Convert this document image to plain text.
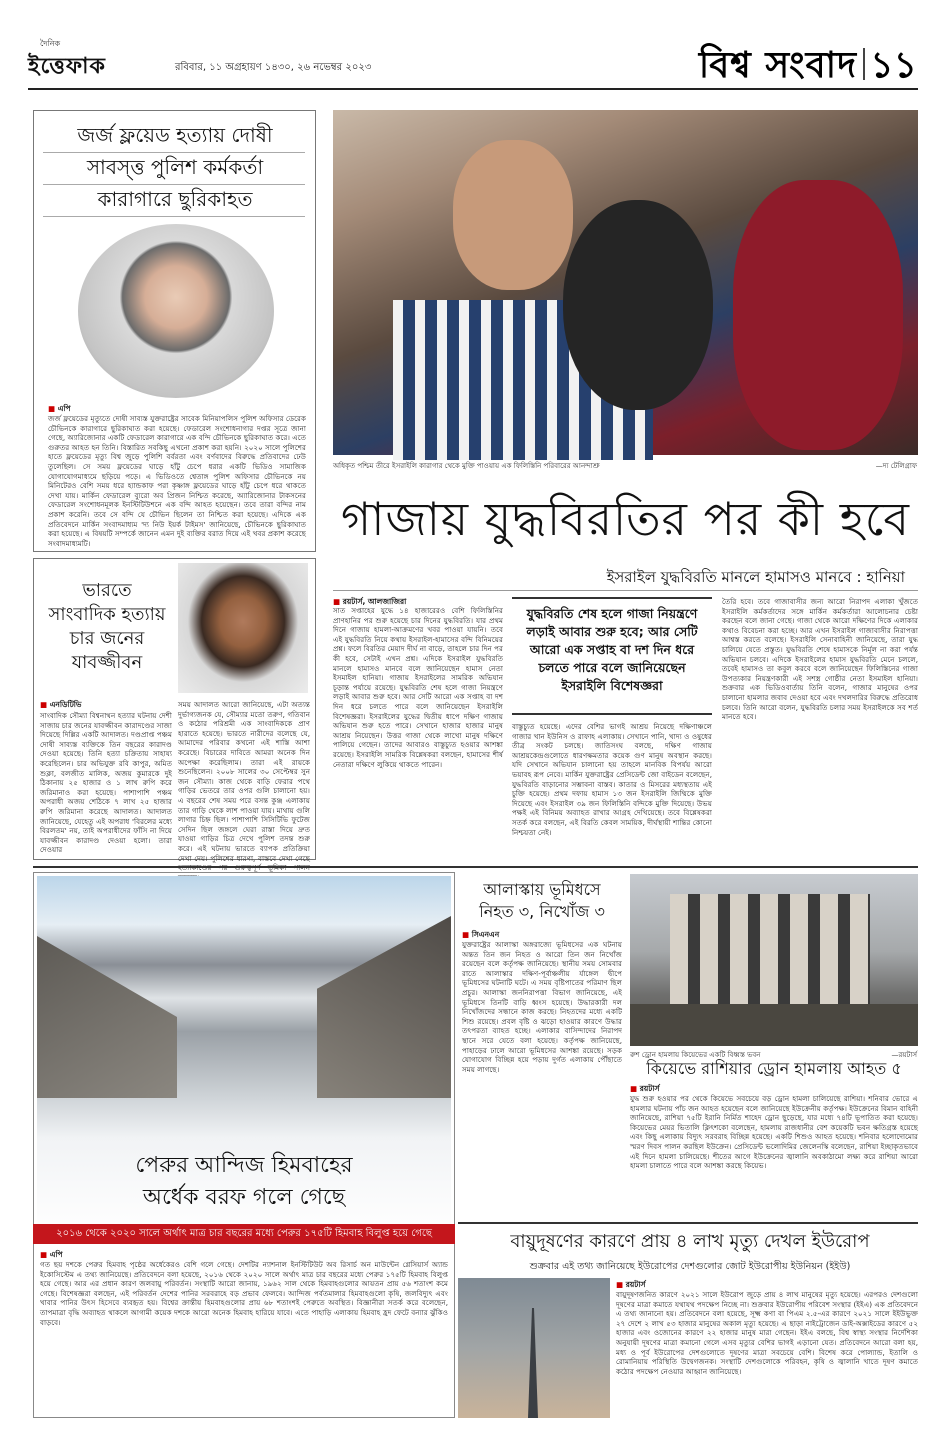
দৈনিক
ইত্তেফাক	রবিবার, ১১ অগ্রহায়ণ ১৪৩০, ২৬ নভেম্বর ২০২৩	বিশ্ব সংবাদ ১১
জর্জ ফ্লয়েড হত্যায় দোষী
সাবস্ত্ত পুলিশ কর্মকর্তা
কারাগারে ছুরিকাহত
■ এপি
জর্জ ফ্লয়েডের মৃত্যুতে দোষী সাব্যস্ত যুক্তরাষ্ট্রের সাবেক মিনিয়াপলিস পুলিশ অফিসার ডেরেক চৌভিনকে কারাগারে ছুরিকাঘাত করা হয়েছে। ফেডারেল সংশোধনাগার দপ্তর সূত্রে জানা গেছে, অ্যারিজোনার একটি ফেডারেল কারাগারে এক বন্দি চৌভিনকে ছুরিকাঘাত করে। এতে গুরুতর আহত হন তিনি। বিস্তারিত সবকিছু এখনো প্রকাশ করা হয়নি। ২০২০ সালে পুলিশের হাতে ফ্লয়েডের মৃত্যু বিশ্ব জুড়ে পুলিশি বর্বরতা এবং বর্ণবাদের বিরুদ্ধে প্রতিবাদের ঢেউ তুলেছিল। সে সময় ফ্লয়েডের ঘাড়ে হাঁটু চেপে ধরার একটি ভিডিও সামাজিক যোগাযোগমাধ্যমে ছড়িয়ে পড়ে। এ ভিডিওতে শ্বেতাঙ্গ পুলিশ অফিসার চৌভিনকে নয় মিনিটেরও বেশি সময় ধরে হ্যান্ডকাফ পরা কৃষ্ণাঙ্গ ফ্লয়েডের ঘাড়ে হাঁটু চেপে ধরে থাকতে দেখা যায়। মার্কিন ফেডারেল ব্যুরো অব প্রিজন নিশ্চিত করেছে, অ্যারিজোনার টাকসনের ফেডারেল সংশোধনমূলক ইনস্টিটিউশনে এক বন্দি আহত হয়েছেন। তবে তারা বন্দির নাম প্রকাশ করেনি। তবে সে বন্দি যে চৌভিন ছিলেন তা নিশ্চিত করা হয়েছে। এদিকে এক প্রতিবেদনে মার্কিন সংবাদমাধ্যম 'দ্য নিউ ইয়র্ক টাইমস' জানিয়েছে, চৌভিনকে ছুরিকাঘাত করা হয়েছে। এ বিষয়টি সম্পর্কে জানেন এমন দুই ব্যক্তির বরাত দিয়ে এই খবর প্রকাশ করেছে সংবাদমাধ্যমটি।
ভারতে
সাংবাদিক হত্যায়
চার জনের
যাবজ্জীবন
■ এনডিটিভি
সাংবাদিক সৌম্যা বিশ্বনাথন হত্যার ঘটনায় দেশী সাজায় চার জনের যাবজ্জীবন কারাদণ্ডের সাজা দিয়েছে দিল্লির একটি আদালত। দণ্ডপ্রাপ্ত পঞ্চম দোষী সাব্যস্ত ব্যক্তিকে তিন বছরের কারাদণ্ড দেওয়া হয়েছে। তিনি হত্যা চক্রিতায় সাহায্য করেছিলেন। চার অভিযুক্ত রবি কাপুর, অমিত শুক্লা, বলজীত মালিক, অজয় কুমারকে দুই ঠিকানায় ২৫ হাজার ও ১ লাখ রুপি করে জরিমানাও করা হয়েছে। পাশাপাশি পঞ্চম অপরাধী অজয় শেঠিকে ৭ লাখ ২৫ হাজার রুপি জরিমানা করেছে আদালত। আদালত জানিয়েছে, যেহেতু এই অপরাধ 'বিরলের মধ্যে বিরলতম' নয়, তাই অপরাধীদের ফাঁসি না দিয়ে যাবজ্জীবন কারাদণ্ড দেওয়া হলো। তারা দেওয়ার
সময় আদালত আরো জানিয়েছে, এটা অত্যন্ত দুর্ভাগ্যজনক যে, সৌম্যার মতো তরুণ, গতিবান ও কঠোর পরিশ্রমী এক সাংবাদিককে প্রাণ হারাতে হয়েছে। ভারতে নারীদের বলেছে যে, আমাদের পরিবার কখনো এই শাস্তি আশা করেছে। বিচারের দাবিতে আমরা অনেক দিন অপেক্ষা করেছিলাম। তারা এই রায়কে শুনেছিলেন। ২০০৮ সালের ৩০ সেপ্টেম্বর সুন জন সৌম্যা। কাজ থেকে বাড়ি ফেরার পথে গাড়ির ভেতরে তার ওপর গুলি চালানো হয়। এ বছরের শেষ সময় পরে বসন্ত কুঞ্জ এলাকায় তার গাড়ি থেকে লাশ পাওয়া যায়। মাথায় গুলি লাগার চিহ্ন ছিল। পাশাপাশি সিসিটিভি ফুটেজ সেদিন ছিল জঙ্গলে ঘেরা রাস্তা দিয়ে দ্রুত যাওয়া গাড়ির চিত্র দেখে পুলিশ তদন্ত শুরু করে। এই ঘটনায় ভারতে ব্যাপক প্রতিক্রিয়া দেখা দেয়। পুলিশের ধারণা, বাস্তবে দেখা গেছে
অধিকৃত পশ্চিম তীরে ইসরাইলি কারাগার থেকে মুক্তি পাওয়ায় এক ফিলিস্তিনি পরিবারের আনন্দাশ্রু	—দ্য টেলিগ্রাফ
গাজায় যুদ্ধবিরতির পর কী হবে
ইসরাইল যুদ্ধবিরতি মানলে হামাসও মানবে : হানিয়া
■ রয়টার্স, আলজাজিরা
সাত সপ্তাহের যুদ্ধে ১৪ হাজারেরও বেশি ফিলিস্তিনির প্রাণহানির পর শুরু হয়েছে চার দিনের যুদ্ধবিরতি। যার প্রথম দিনে গাজায় হামলা-আক্রমণের খবর পাওয়া যায়নি। তবে এই যুদ্ধবিরতি নিয়ে কথায় ইসরাইল-হামাসের বন্দি বিনিময়ের প্রশ্ন। ফলে বিরতির মেয়াদ দীর্ঘ না বাড়ে, তাহলে চার দিন পর কী হবে, সেটাই এখন প্রশ্ন। এদিকে ইসরাইল যুদ্ধবিরতি মানলে হামাসও মানবে বলে জানিয়েছেন হামাস নেতা ইসমাইল হানিয়া। গাজায় ইসরাইলের সামরিক অভিযান চূড়ান্ত পর্যায়ে রয়েছে। যুদ্ধবিরতি শেষ হলে গাজা নিয়ন্ত্রণে লড়াই আবার শুরু হবে। আর সেটি আরো এক সপ্তাহ বা দশ দিন ধরে চলতে পারে বলে জানিয়েছেন ইসরাইলি বিশেষজ্ঞরা। ইসরাইলের যুদ্ধের দ্বিতীয় ধাপে দক্ষিণ গাজায় অভিযান শুরু হতে পারে। সেখানে হাজার হাজার মানুষ আশ্রয় নিয়েছেন। উত্তর গাজা থেকে লাখো মানুষ দক্ষিণে পালিয়ে গেছেন। তাদের আবারও বাস্তুচ্যুত হওয়ার আশঙ্কা রয়েছে। ইসরাইলি সামরিক বিশ্লেষকরা বলছেন, হামাসের শীর্ষ নেতারা দক্ষিণে লুকিয়ে থাকতে পারেন।
যুদ্ধবিরতি শেষ হলে গাজা নিয়ন্ত্রণে লড়াই আবার শুরু হবে; আর সেটি আরো এক সপ্তাহ বা দশ দিন ধরে চলতে পারে বলে জানিয়েছেন ইসরাইলি বিশেষজ্ঞরা
বাস্তুচ্যুত হয়েছে। এদের বেশির ভাগই আশ্রয় নিয়েছে দক্ষিণাঞ্চলে গাজার খান ইউনিস ও রাফাহ এলাকায়। সেখানে পানি, খাদ্য ও ওষুধের তীব্র সংকট চলছে। জাতিসংঘ বলছে, দক্ষিণ গাজায় আশ্রয়কেন্দ্রগুলোতে ধারণক্ষমতার কয়েক গুণ মানুষ অবস্থান করছে। যদি সেখানে অভিযান চালানো হয় তাহলে মানবিক বিপর্যয় আরো ভয়াবহ রূপ নেবে। মার্কিন যুক্তরাষ্ট্রের প্রেসিডেন্ট জো বাইডেন বলেছেন, যুদ্ধবিরতি বাড়ানোর সম্ভাবনা বাস্তব। কাতার ও মিসরের মধ্যস্থতায় এই চুক্তি হয়েছে। প্রথম দফায় হামাস ১৩ জন ইসরাইলি জিম্মিকে মুক্তি দিয়েছে এবং ইসরাইল ৩৯ জন ফিলিস্তিনি বন্দিকে মুক্তি দিয়েছে। উভয় পক্ষই এই বিনিময় অব্যাহত রাখার আগ্রহ দেখিয়েছে। তবে বিশ্লেষকরা সতর্ক করে বলছেন, এই বিরতি কেবল সাময়িক, দীর্ঘস্থায়ী শান্তির কোনো নিশ্চয়তা নেই।
তৈরি হবে। তবে গাজাবাসীর জন্য আরো নিরাপদ এলাকা খুঁজতে ইসরাইলি কর্মকর্তাদের সঙ্গে মার্কিন কর্মকর্তারা আলোচনার চেষ্টা করছেন বলে জানা গেছে। গাজা থেকে আরো দক্ষিণের দিকে এলাকার কথাও বিবেচনা করা হচ্ছে। আর এখন ইসরাইল গাজাবাসীর নিরাপত্তা আশ্বস্ত করতে বলেছে। ইসরাইলি সেনাবাহিনী জানিয়েছে, তারা যুদ্ধ চালিয়ে যেতে প্রস্তুত। যুদ্ধবিরতি শেষে হামাসকে নির্মূল না করা পর্যন্ত অভিযান চলবে। এদিকে ইসরাইলের হামাস যুদ্ধবিরতি মেনে চললে, তবেই হামাসও তা কবুল করবে বলে জানিয়েছেন ফিলিস্তিনের গাজা উপত্যকার নিয়ন্ত্রণকারী এই সশস্ত্র গোষ্ঠীর নেতা ইসমাইল হানিয়া। শুক্রবার এক ভিডিওবার্তায় তিনি বলেন, গাজার মানুষের ওপর চালানো হামলার জবাব দেওয়া হবে এবং দখলদারির বিরুদ্ধে প্রতিরোধ চলবে। তিনি আরো বলেন, যুদ্ধবিরতি চলার সময় ইসরাইলকে সব শর্ত মানতে হবে।
পেরুর আন্দিজ হিমবাহের
অর্ধেক বরফ গলে গেছে
২০১৬ থেকে ২০২০ সালে অর্থাৎ মাত্র চার বছরের মধ্যে পেরুর ১৭৫টি হিমবাহ বিলুপ্ত হয়ে গেছে
■ এপি
গত ছয় দশকে পেরুর হিমবাহ পৃষ্ঠের অর্ধেকেরও বেশি গলে গেছে। দেশটির ন্যাশনাল ইনস্টিটিউট অব রিসার্চ অন মাউন্টেন গ্লেসিয়ার্স অ্যান্ড ইকোসিস্টেম এ তথ্য জানিয়েছে। প্রতিবেদনে বলা হয়েছে, ২০১৬ থেকে ২০২০ সালে অর্থাৎ মাত্র চার বছরের মধ্যে পেরুর ১৭৫টি হিমবাহ বিলুপ্ত হয়ে গেছে। আর এর প্রধান কারণ জলবায়ু পরিবর্তন। সংস্থাটি আরো জানায়, ১৯৬২ সাল থেকে হিমবাহগুলোর আয়তন প্রায় ৫৬ শতাংশ কমে গেছে। বিশেষজ্ঞরা বলছেন, এই পরিবর্তন দেশের পানির সরবরাহে বড় প্রভাব ফেলবে। আন্দিজ পর্বতমালার হিমবাহগুলো কৃষি, জলবিদ্যুৎ এবং খাবার পানির উৎস হিসেবে ব্যবহৃত হয়। বিশ্বের ক্রান্তীয় হিমবাহগুলোর প্রায় ৬৮ শতাংশই পেরুতে অবস্থিত। বিজ্ঞানীরা সতর্ক করে বলেছেন, তাপমাত্রা বৃদ্ধি অব্যাহত থাকলে আগামী কয়েক দশকে আরো অনেক হিমবাহ হারিয়ে যাবে। এতে পাহাড়ি এলাকায় হিমবাহ হ্রদ ফেটে বন্যার ঝুঁকিও বাড়বে।
আলাস্কায় ভূমিধসে
নিহত ৩, নিখোঁজ ৩
■ সিএনএন
যুক্তরাষ্ট্রের আলাস্কা অঙ্গরাজ্যে ভূমিধসের এক ঘটনায় অন্তত তিন জন নিহত ও আরো তিন জন নিখোঁজ রয়েছেন বলে কর্তৃপক্ষ জানিয়েছে। স্থানীয় সময় সোমবার রাতে আলাস্কার দক্ষিণ-পূর্বাঞ্চলীয় র্যাঙ্গেল দ্বীপে ভূমিধসের ঘটনাটি ঘটে। এ সময় বৃষ্টিপাতের পরিমাণ ছিল প্রচুর। আলাস্কা জননিরাপত্তা বিভাগ জানিয়েছে, এই ভূমিধসে তিনটি বাড়ি ধ্বংস হয়েছে। উদ্ধারকারী দল নিখোঁজদের সন্ধানে কাজ করছে। নিহতদের মধ্যে একটি শিশু রয়েছে। প্রবল বৃষ্টি ও ঝড়ো হাওয়ার কারণে উদ্ধার তৎপরতা ব্যাহত হচ্ছে। এলাকার বাসিন্দাদের নিরাপদ স্থানে সরে যেতে বলা হয়েছে। কর্তৃপক্ষ জানিয়েছে, পাহাড়ের ঢালে আরো ভূমিধসের আশঙ্কা রয়েছে। সড়ক যোগাযোগ বিচ্ছিন্ন হয়ে পড়ায় দুর্গত এলাকায় পৌঁছাতে সময় লাগছে।
রুশ ড্রোন হামলায় কিয়েভের একটি বিধ্বস্ত ভবন	—রয়টার্স
কিয়েভে রাশিয়ার ড্রোন হামলায় আহত ৫
■ রয়টার্স
যুদ্ধ শুরু হওয়ার পর থেকে কিয়েভে সবচেয়ে বড় ড্রোন হামলা চালিয়েছে রাশিয়া। শনিবার ভোরে এ হামলার ঘটনায় পাঁচ জন আহত হয়েছেন বলে জানিয়েছে ইউক্রেনীয় কর্তৃপক্ষ। ইউক্রেনের বিমান বাহিনী জানিয়েছে, রাশিয়া ৭৫টি ইরানি নির্মিত শাহেদ ড্রোন ছুড়েছে, যার মধ্যে ৭৪টি ভূপাতিত করা হয়েছে। কিয়েভের মেয়র ভিতালি ক্লিৎশকো বলেছেন, হামলায় রাজধানীর বেশ কয়েকটি ভবন ক্ষতিগ্রস্ত হয়েছে এবং কিছু এলাকায় বিদ্যুৎ সরবরাহ বিচ্ছিন্ন হয়েছে। একটি শিশুও আহত হয়েছে। শনিবার হলোদোমোর স্মরণ দিবস পালন করছিল ইউক্রেন। প্রেসিডেন্ট ভলোদিমির জেলেনস্কি বলেছেন, রাশিয়া ইচ্ছাকৃতভাবে এই দিনে হামলা চালিয়েছে। শীতের আগে ইউক্রেনের জ্বালানি অবকাঠামো লক্ষ্য করে রাশিয়া আরো হামলা চালাতে পারে বলে আশঙ্কা করছে কিয়েভ।
বায়ুদূষণের কারণে প্রায় ৪ লাখ মৃত্যু দেখল ইউরোপ
শুক্রবার এই তথ্য জানিয়েছে ইউরোপের দেশগুলোর জোট ইউরোপীয় ইউনিয়ন (ইইউ)
■ রয়টার্স
বায়ুদূষণজনিত কারণে ২০২১ সালে ইউরোপ জুড়ে প্রায় ৪ লাখ মানুষের মৃত্যু হয়েছে। এরপরও দেশগুলো দূষণের মাত্রা কমাতে যথাযথ পদক্ষেপ নিচ্ছে না। শুক্রবার ইউরোপীয় পরিবেশ সংস্থার (ইইএ) এক প্রতিবেদনে এ তথ্য জানানো হয়। প্রতিবেদনে বলা হয়েছে, সূক্ষ্ম কণা বা পিএম ২.৫-এর কারণে ২০২১ সালে ইইউভুক্ত ২৭ দেশে ২ লাখ ৫৩ হাজার মানুষের অকাল মৃত্যু হয়েছে। এ ছাড়া নাইট্রোজেন ডাই-অক্সাইডের কারণে ৫২ হাজার এবং ওজোনের কারণে ২২ হাজার মানুষ মারা গেছেন। ইইএ বলছে, বিশ্ব স্বাস্থ্য সংস্থার নির্দেশিকা অনুযায়ী দূষণের মাত্রা কমানো গেলে এসব মৃত্যুর বেশির ভাগই এড়ানো যেত। প্রতিবেদনে আরো বলা হয়, মধ্য ও পূর্ব ইউরোপের দেশগুলোতে দূষণের মাত্রা সবচেয়ে বেশি। বিশেষ করে পোল্যান্ড, ইতালি ও রোমানিয়ায় পরিস্থিতি উদ্বেগজনক। সংস্থাটি দেশগুলোকে পরিবহন, কৃষি ও জ্বালানি খাতে দূষণ কমাতে কঠোর পদক্ষেপ নেওয়ার আহ্বান জানিয়েছে।
